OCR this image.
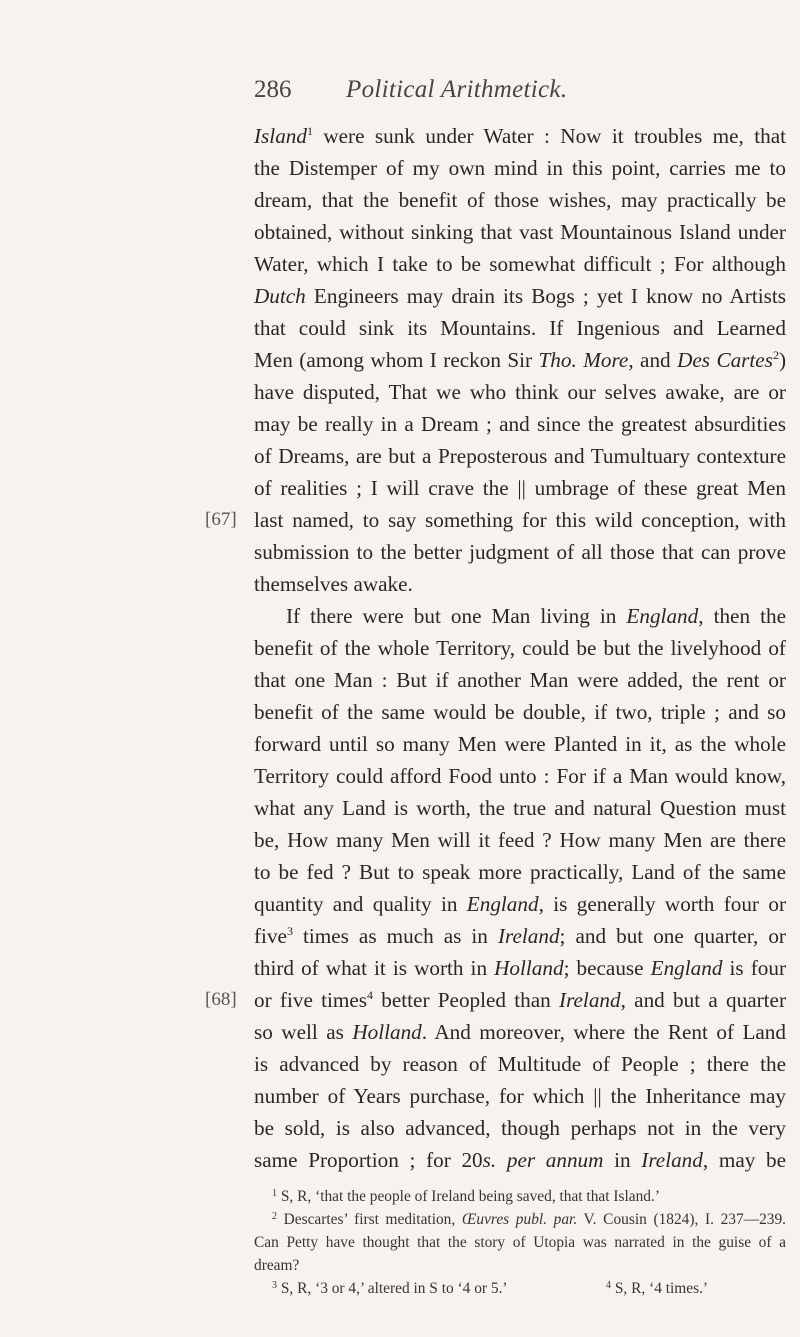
286 Political Arithmetick.
[67]
[68]
Island$^1$ were sunk under Water : Now it troubles me, that
the Distemper of my own mind in this point, carries me to
dream, that the benefit of those wishes, may practically be
obtained, without sinking that vast Mountainous Island under
Water, which I take to be somewhat difficult ; For although
Dutch Engineers may drain its Bogs ; yet I know no Artists
that could sink its Mountains. If Ingenious and Learned
Men (among whom I reckon Sir Tho. More, and Des Cartes$^2$)
have disputed, That we who think our selves awake, are or
may be really in a Dream ; and since the greatest absurdities
of Dreams, are but a Preposterous and Tumultuary contexture
of realities ; I will crave the || umbrage of these great Men
last named, to say something for this wild conception, with
submission to the better judgment of all those that can prove
themselves awake.
If there were but one Man living in England, then the
benefit of the whole Territory, could be but the livelyhood of
that one Man : But if another Man were added, the rent or
benefit of the same would be double, if two, triple ; and so
forward until so many Men were Planted in it, as the whole
Territory could afford Food unto : For if a Man would know,
what any Land is worth, the true and natural Question must
be, How many Men will it feed ? How many Men are there
to be fed ? But to speak more practically, Land of the same
quantity and quality in England, is generally worth four or
five$^3$ times as much as in Ireland; and but one quarter, or
third of what it is worth in Holland; because England is four
or five times$^4$ better Peopled than Ireland, and but a quarter
so well as Holland. And moreover, where the Rent of Land
is advanced by reason of Multitude of People ; there the
number of Years purchase, for which || the Inheritance may
be sold, is also advanced, though perhaps not in the very
same Proportion ; for 20s. per annum in Ireland, may be
$^1$ S, R, ‘that the people of Ireland being saved, that that Island.’
$^2$ Descartes’ first meditation, Œuvres publ. par. V. Cousin (1824), I. 237—239.
Can Petty have thought that the story of Utopia was narrated in the guise of a
dream?
$^3$ S, R, ‘3 or 4,’ altered in S to ‘4 or 5.’	$^4$ S, R, ‘4 times.’
